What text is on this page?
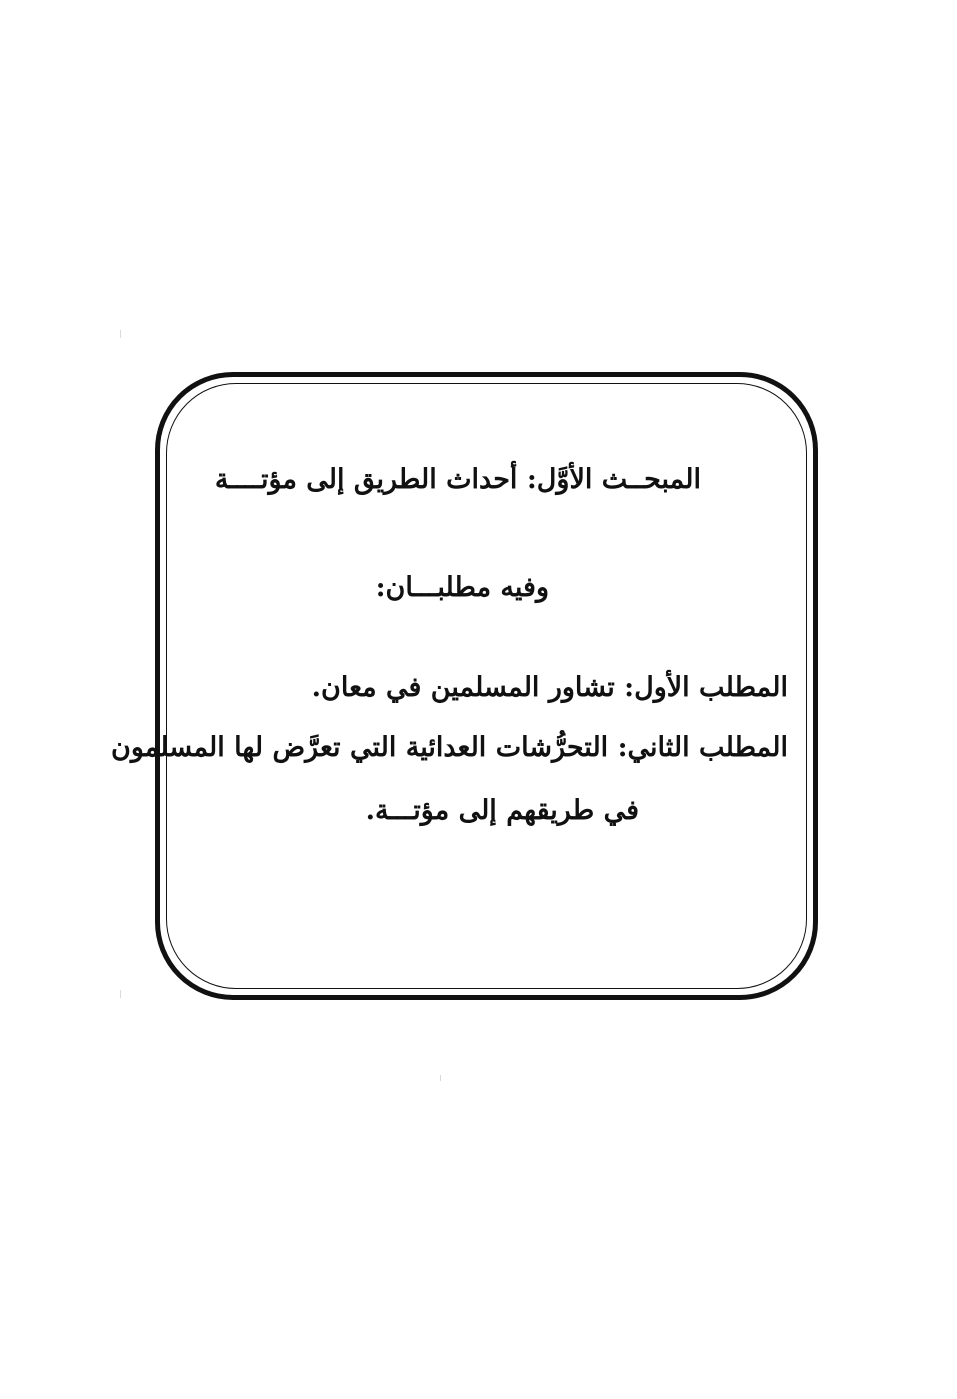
المبحــث الأوَّل: أحداث الطريق إلى مؤتــــة
وفيه مطلبـــان:
المطلب الأول: تشاور المسلمين في معان.
المطلب الثاني: التحرُّشات العدائية التي تعرَّض لها المسلمون
في طريقهم إلى مؤتـــة.
